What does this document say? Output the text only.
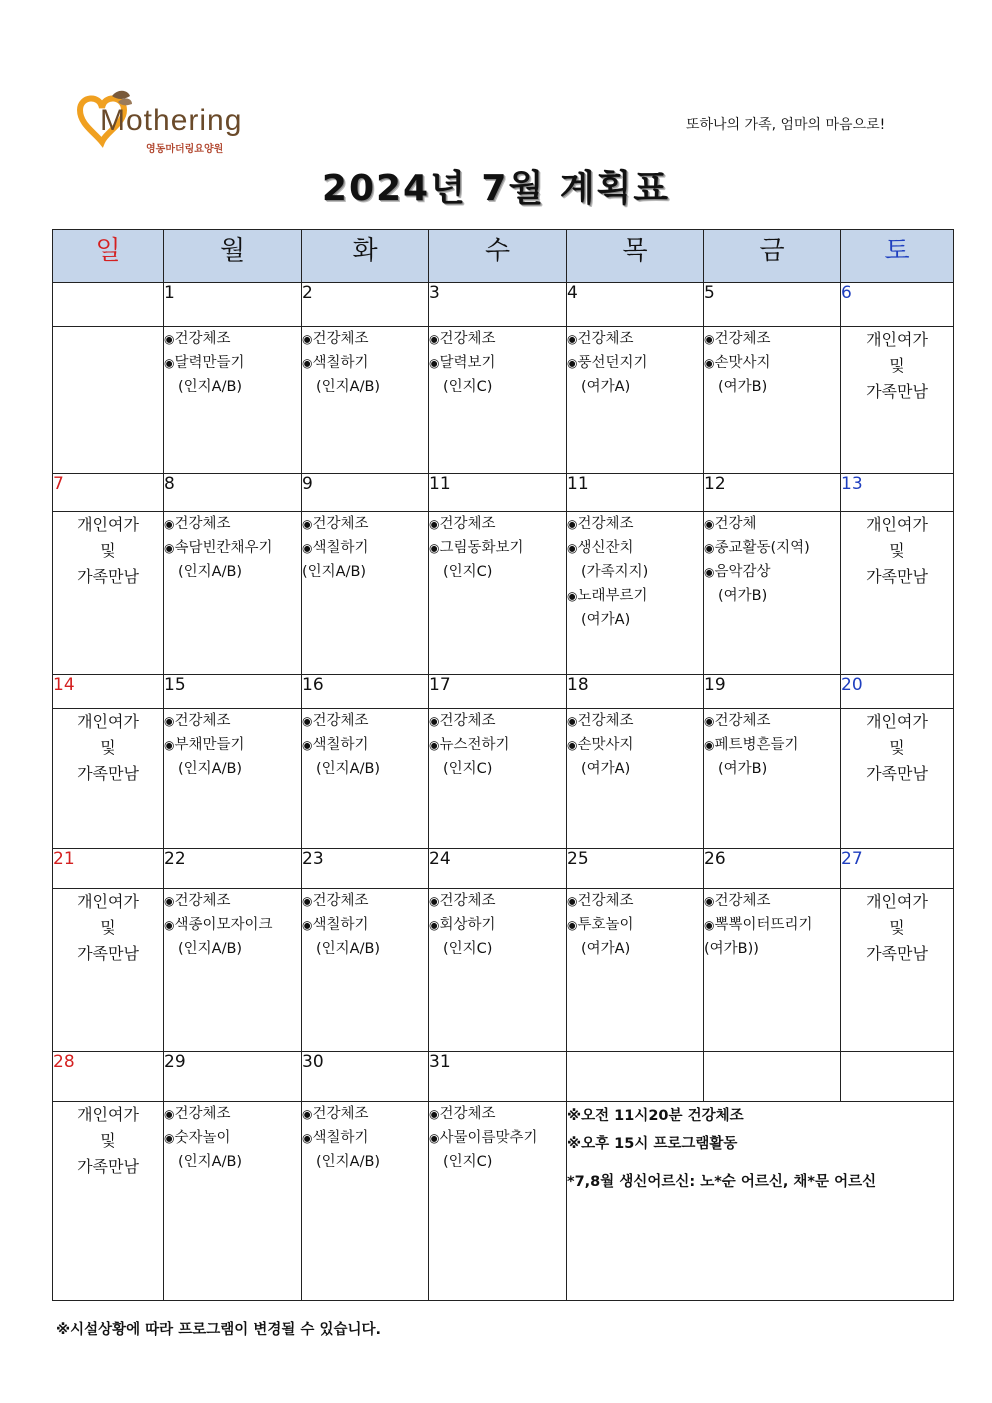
Mothering
영동마더링요양원
또하나의 가족, 엄마의 마음으로!
2024년 7월 계획표
일	월	화	수	목	금	토
	1	2	3	4	5	6

	◉건강체조
◉달력만들기
(인지A/B)	◉건강체조
◉색칠하기
(인지A/B)	◉건강체조
◉달력보기
(인지C)	◉건강체조
◉풍선던지기
(여가A)	◉건강체조
◉손맛사지
(여가B)	개인여가
및
가족만남

7	8	9	11	11	12	13

개인여가
및
가족만남	◉건강체조
◉속담빈칸채우기
(인지A/B)	◉건강체조
◉색칠하기
(인지A/B)	◉건강체조
◉그림동화보기
(인지C)	◉건강체조
◉생신잔치
(가족지지)
◉노래부르기
(여가A)	◉건강체
◉종교활동(지역)
◉음악감상
(여가B)	개인여가
및
가족만남

14	15	16	17	18	19	20

개인여가
및
가족만남	◉건강체조
◉부채만들기
(인지A/B)	◉건강체조
◉색칠하기
(인지A/B)	◉건강체조
◉뉴스전하기
(인지C)	◉건강체조
◉손맛사지
(여가A)	◉건강체조
◉페트병흔들기
(여가B)	개인여가
및
가족만남

21	22	23	24	25	26	27

개인여가
및
가족만남	◉건강체조
◉색종이모자이크
(인지A/B)	◉건강체조
◉색칠하기
(인지A/B)	◉건강체조
◉회상하기
(인지C)	◉건강체조
◉투호놀이
(여가A)	◉건강체조
◉뽁뽁이터뜨리기
(여가B))	개인여가
및
가족만남

28	29	30	31			

개인여가
및
가족만남	◉건강체조
◉숫자놀이
(인지A/B)	◉건강체조
◉색칠하기
(인지A/B)	◉건강체조
◉사물이름맞추기
(인지C)	※오전 11시20분 건강체조
※오후 15시 프로그램활동
*7,8월 생신어르신: 노*순 어르신, 채*문 어르신		
※시설상황에 따라 프로그램이 변경될 수 있습니다.
